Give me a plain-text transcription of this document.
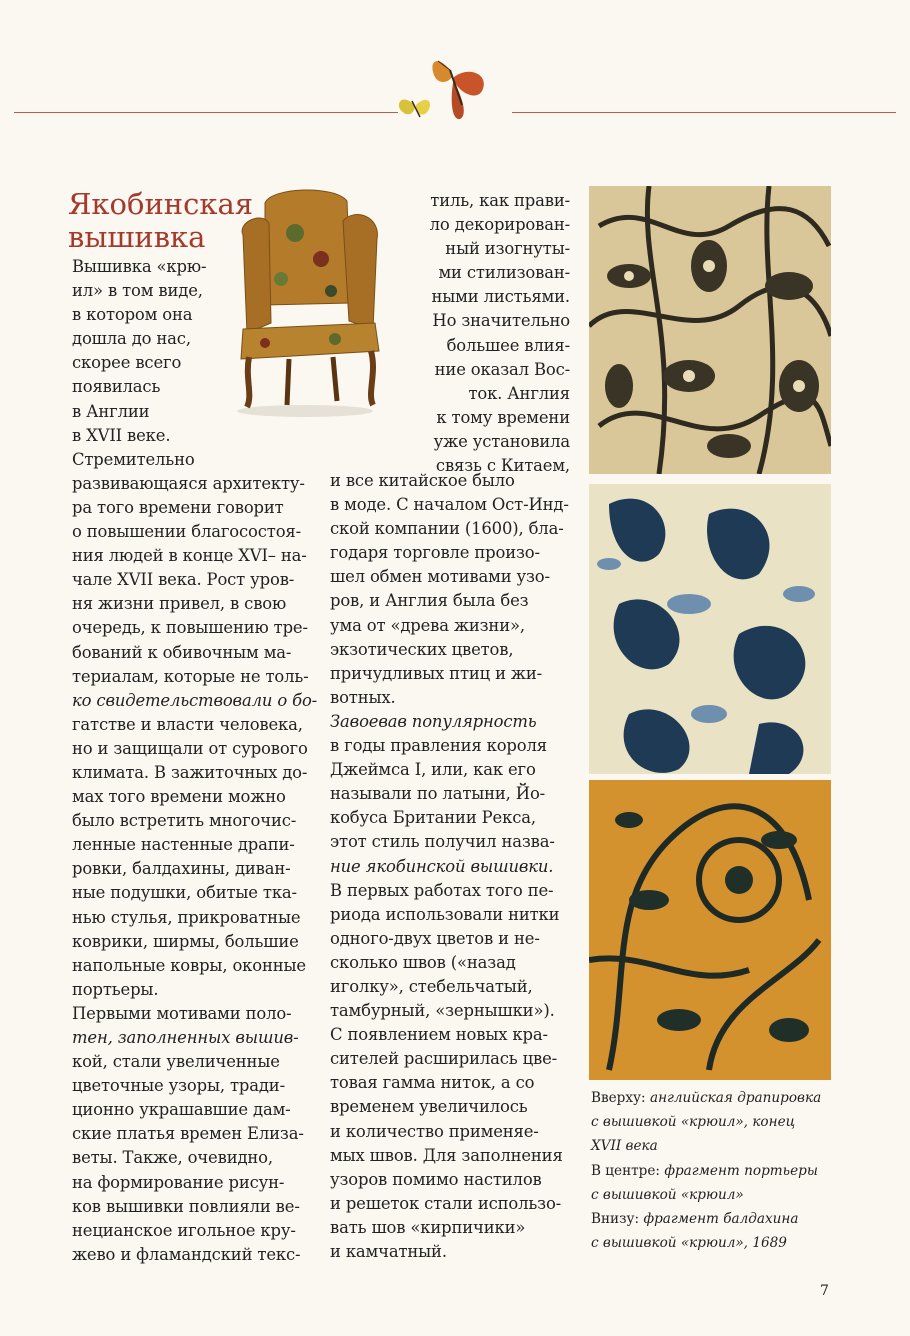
Якобинская
вышивка
Вышивка «крю-
ил» в том виде,
в котором она
дошла до нас,
скорее всего
появилась
в Англии
в XVII веке.
Стремительно
развивающаяся архитекту-
ра того времени говорит
о повышении благосостоя-
ния людей в конце XVI– на-
чале XVII века. Рост уров-
ня жизни привел, в свою
очередь, к повышению тре-
бований к обивочным ма-
териалам, которые не толь-
ко свидетельствовали о бо-
гатстве и власти человека,
но и защищали от сурового
климата. В зажиточных до-
мах того времени можно
было встретить многочис-
ленные настенные драпи-
ровки, балдахины, диван-
ные подушки, обитые тка-
нью стулья, прикроватные
коврики, ширмы, большие
напольные ковры, оконные
портьеры.
Первыми мотивами поло-
тен, заполненных вышив-
кой, стали увеличенные
цветочные узоры, тради-
ционно украшавшие дам-
ские платья времен Елиза-
веты. Также, очевидно,
на формирование рисун-
ков вышивки повлияли ве-
нецианское игольное кру-
жево и фламандский текс-
тиль, как прави-
ло декорирован-
ный изогнуты-
ми стилизован-
ными листьями.
Но значительно
большее влия-
ние оказал Вос-
ток. Англия
к тому времени
уже установила
связь с Китаем,
и все китайское было
в моде. С началом Ост-Инд-
ской компании (1600), бла-
годаря торговле произо-
шел обмен мотивами узо-
ров, и Англия была без
ума от «древа жизни»,
экзотических цветов,
причудливых птиц и жи-
вотных.
Завоевав популярность
в годы правления короля
Джеймса I, или, как его
называли по латыни, Йо-
кобуса Британии Рекса,
этот стиль получил назва-
ние якобинской вышивки.
В первых работах того пе-
риода использовали нитки
одного-двух цветов и не-
сколько швов («назад
иголку», стебельчатый,
тамбурный, «зернышки»).
С появлением новых кра-
сителей расширилась цве-
товая гамма ниток, а со
временем увеличилось
и количество применяе-
мых швов. Для заполнения
узоров помимо настилов
и решеток стали использо-
вать шов «кирпичики»
и камчатный.
Вверху: английская драпировка
с вышивкой «крюил», конец
XVII века
В центре: фрагмент портьеры
с вышивкой «крюил»
Внизу: фрагмент балдахина
с вышивкой «крюил», 1689
7
